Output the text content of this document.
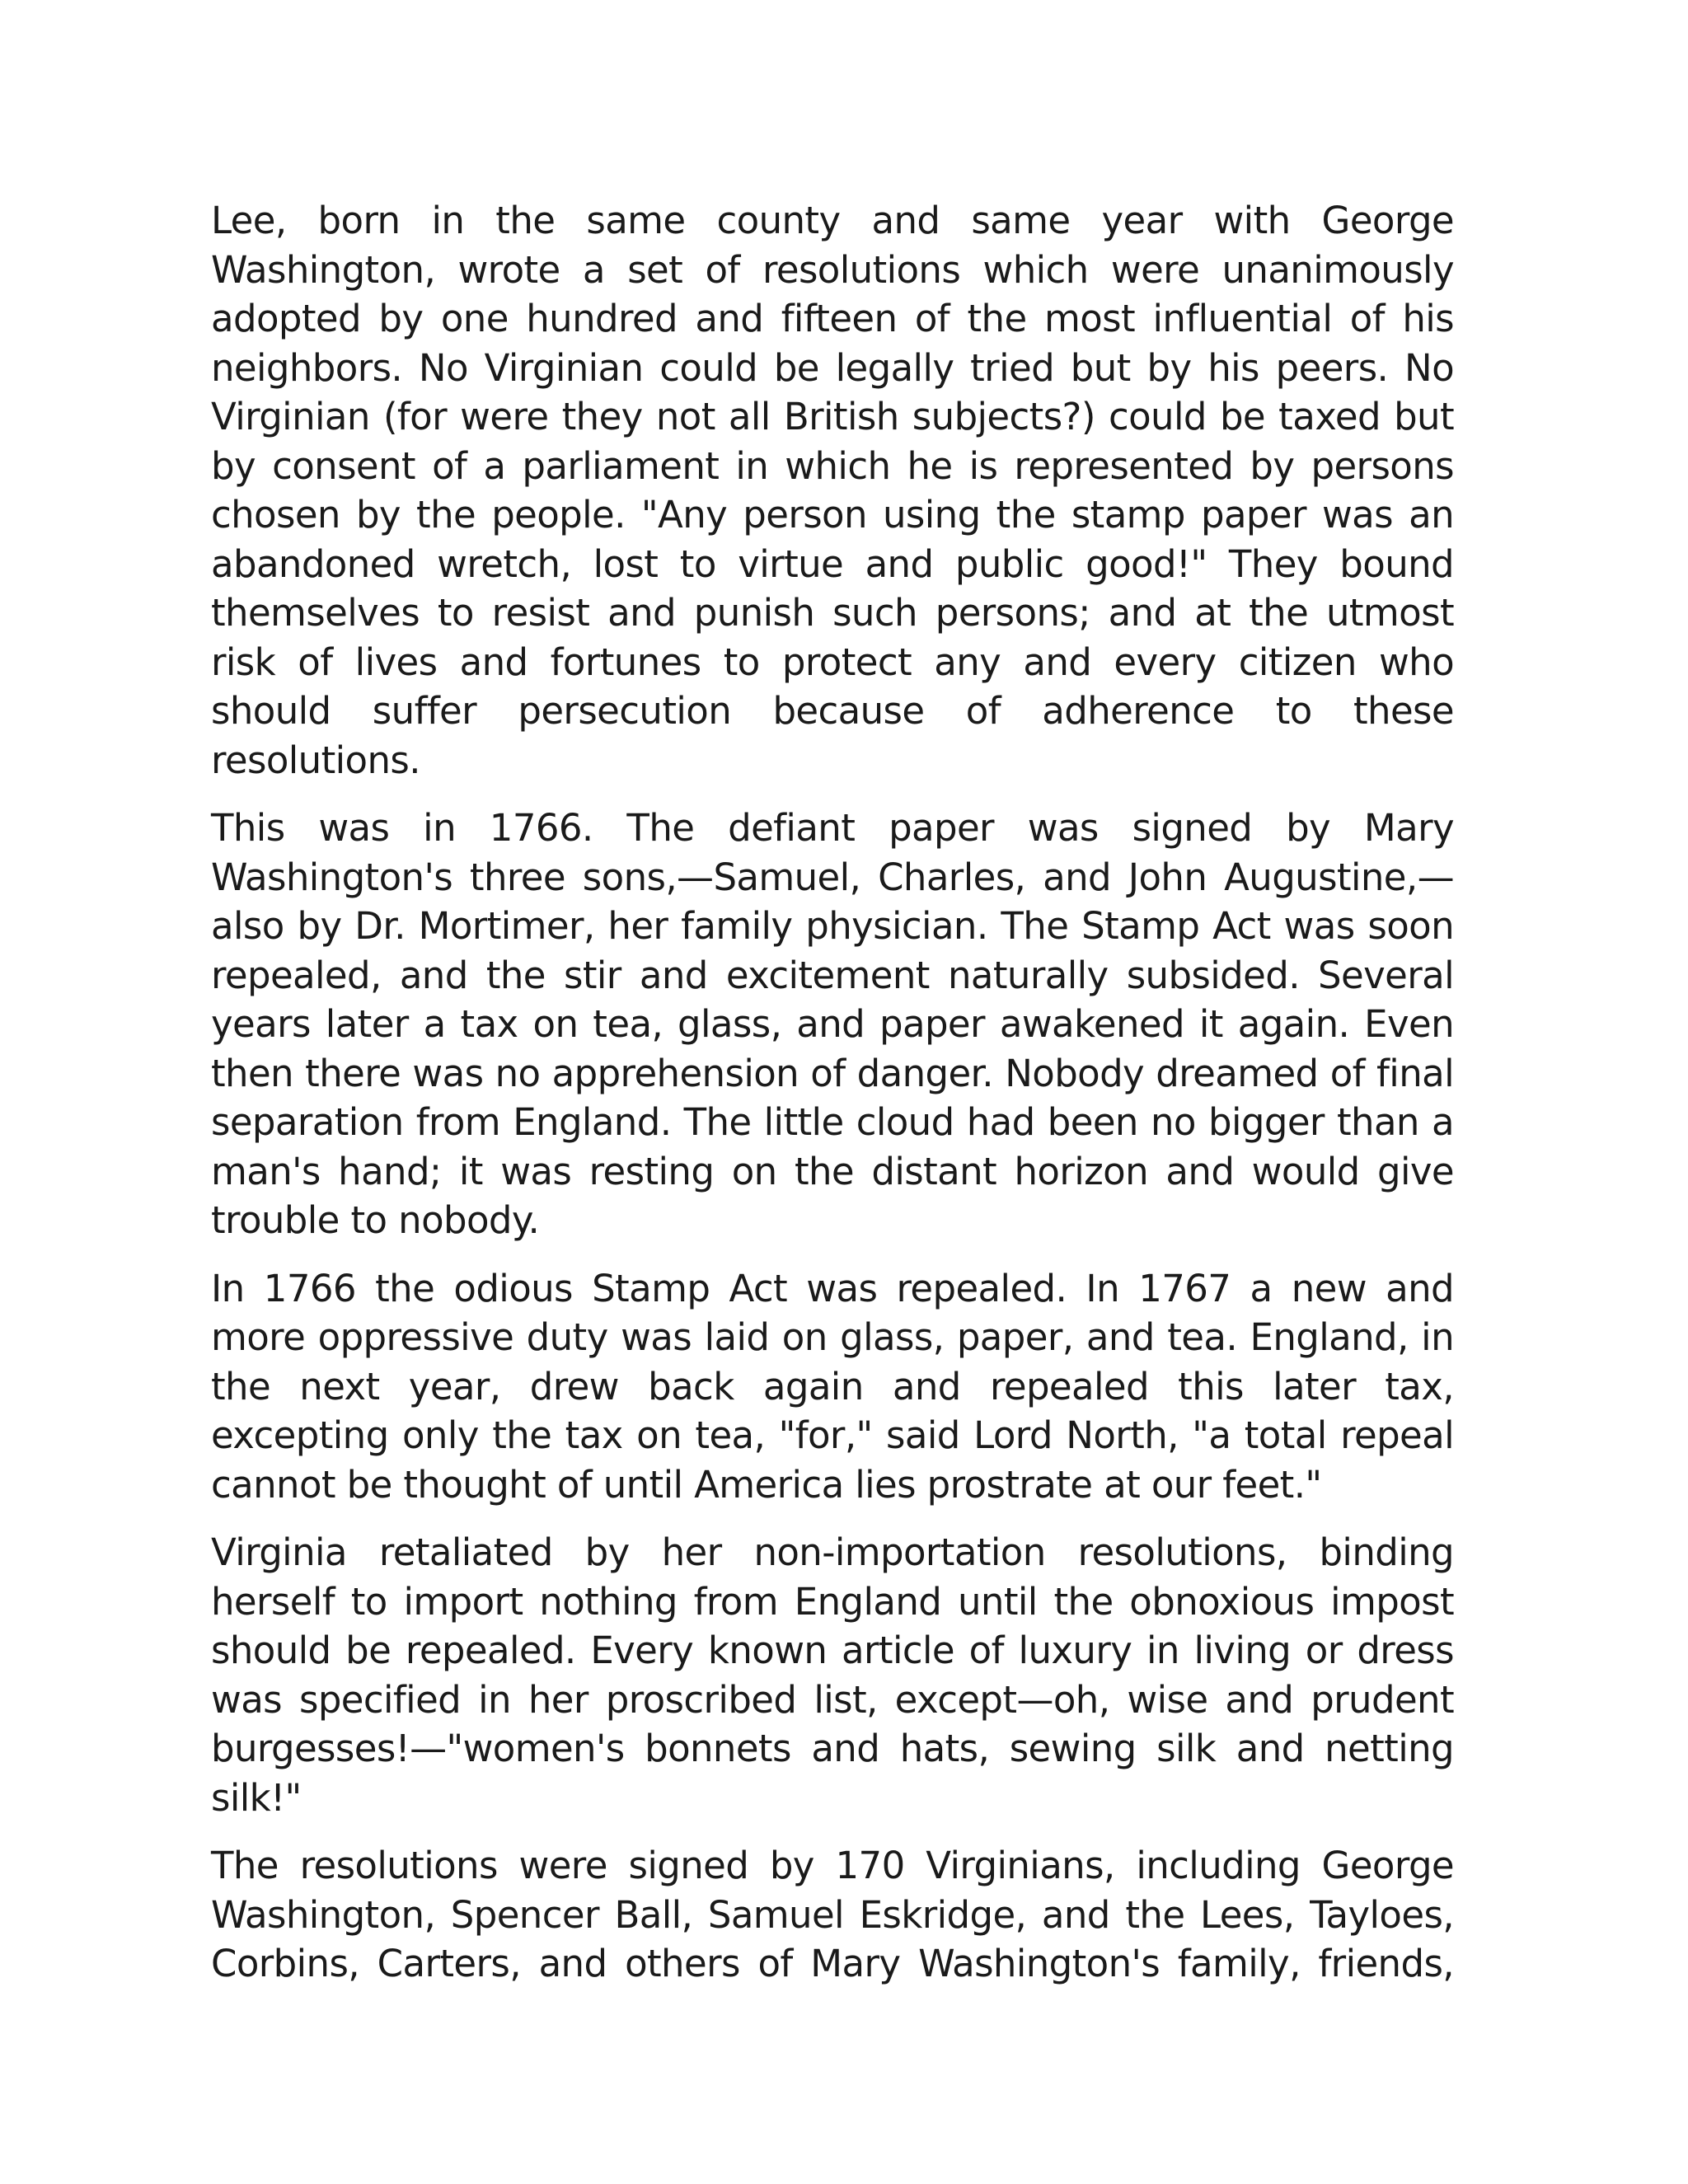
Lee, born in the same county and same year with George Washington, wrote a set of resolutions which were unanimously adopted by one hundred and fifteen of the most influential of his neighbors. No Virginian could be legally tried but by his peers. No Virginian (for were they not all British subjects?) could be taxed but by consent of a parliament in which he is represented by persons chosen by the people. "Any person using the stamp paper was an abandoned wretch, lost to virtue and public good!" They bound themselves to resist and punish such persons; and at the utmost risk of lives and fortunes to protect any and every citizen who should suffer persecution because of adherence to these resolutions.

This was in 1766. The defiant paper was signed by Mary Washington's three sons,—Samuel, Charles, and John Augustine,—also by Dr. Mortimer, her family physician. The Stamp Act was soon repealed, and the stir and excitement naturally subsided. Several years later a tax on tea, glass, and paper awakened it again. Even then there was no apprehension of danger. Nobody dreamed of final separation from England. The little cloud had been no bigger than a man's hand; it was resting on the distant horizon and would give trouble to nobody.

In 1766 the odious Stamp Act was repealed. In 1767 a new and more oppressive duty was laid on glass, paper, and tea. England, in the next year, drew back again and repealed this later tax, excepting only the tax on tea, "for," said Lord North, "a total repeal cannot be thought of until America lies prostrate at our feet."

Virginia retaliated by her non-importation resolutions, binding herself to import nothing from England until the obnoxious impost should be repealed. Every known article of luxury in living or dress was specified in her proscribed list, except—oh, wise and prudent burgesses!—"women's bonnets and hats, sewing silk and netting silk!"

The resolutions were signed by 170 Virginians, including George Washington, Spencer Ball, Samuel Eskridge, and the Lees, Tayloes, Corbins, Carters, and others of Mary Washington's family, friends,
